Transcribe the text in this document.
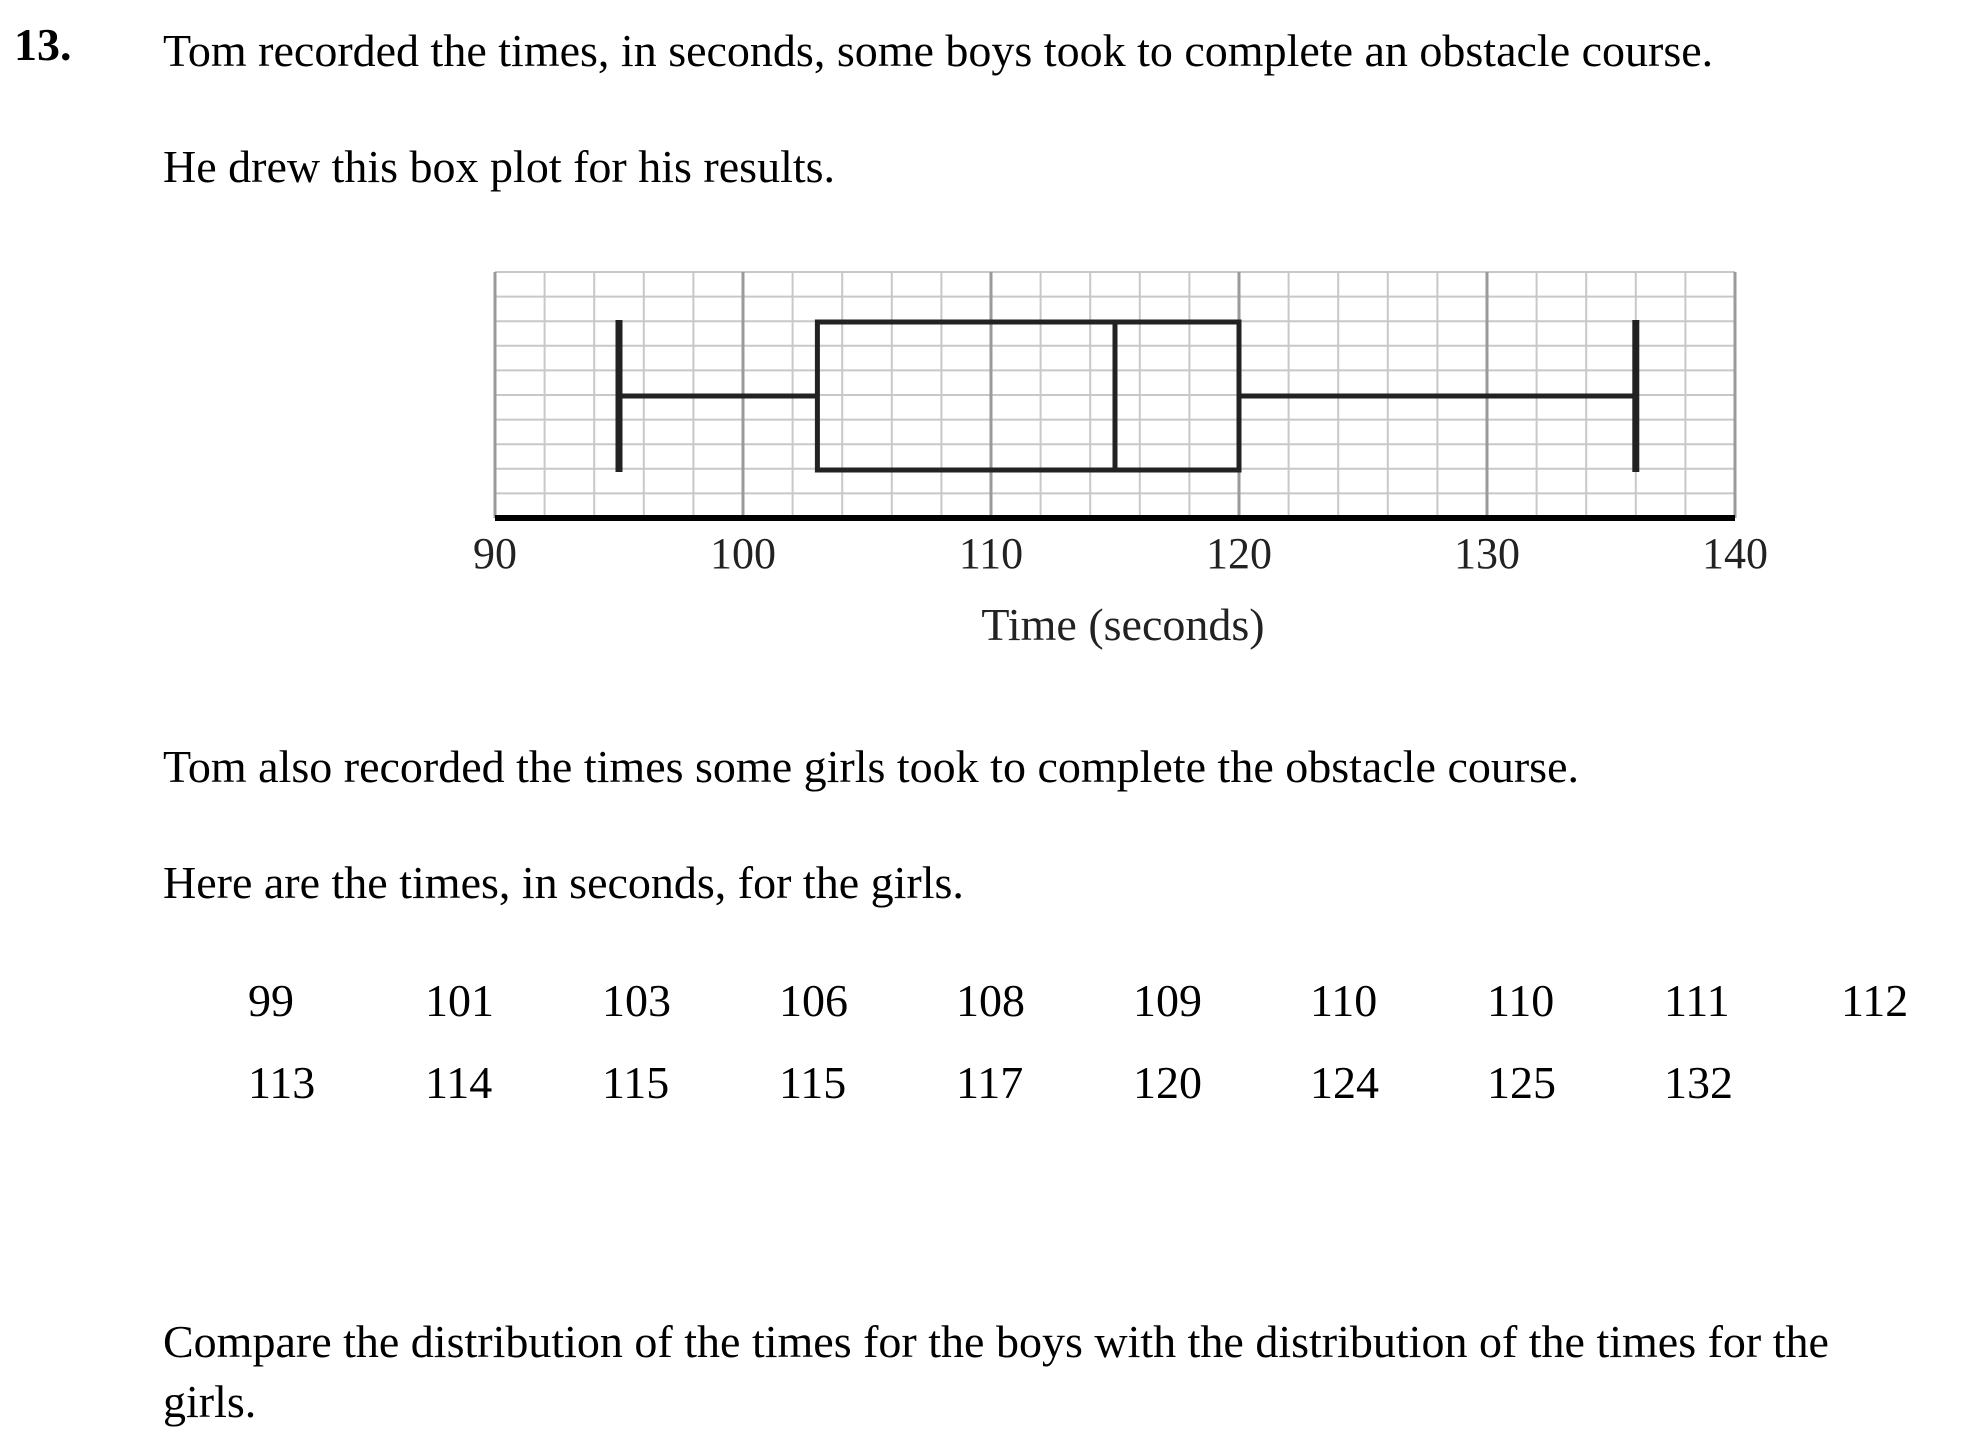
13. Tom recorded the times, in seconds, some boys took to complete an obstacle course.

He drew this box plot for his results.

90	100	110	120	130	140
Time (seconds)

Tom also recorded the times some girls took to complete the obstacle course.

Here are the times, in seconds, for the girls.

99	101 103 106 108 109 110 110 111 112
113 114 115 115 117 120 124 125 132

Compare the distribution of the times for the boys with the distribution of the times for the girls.
